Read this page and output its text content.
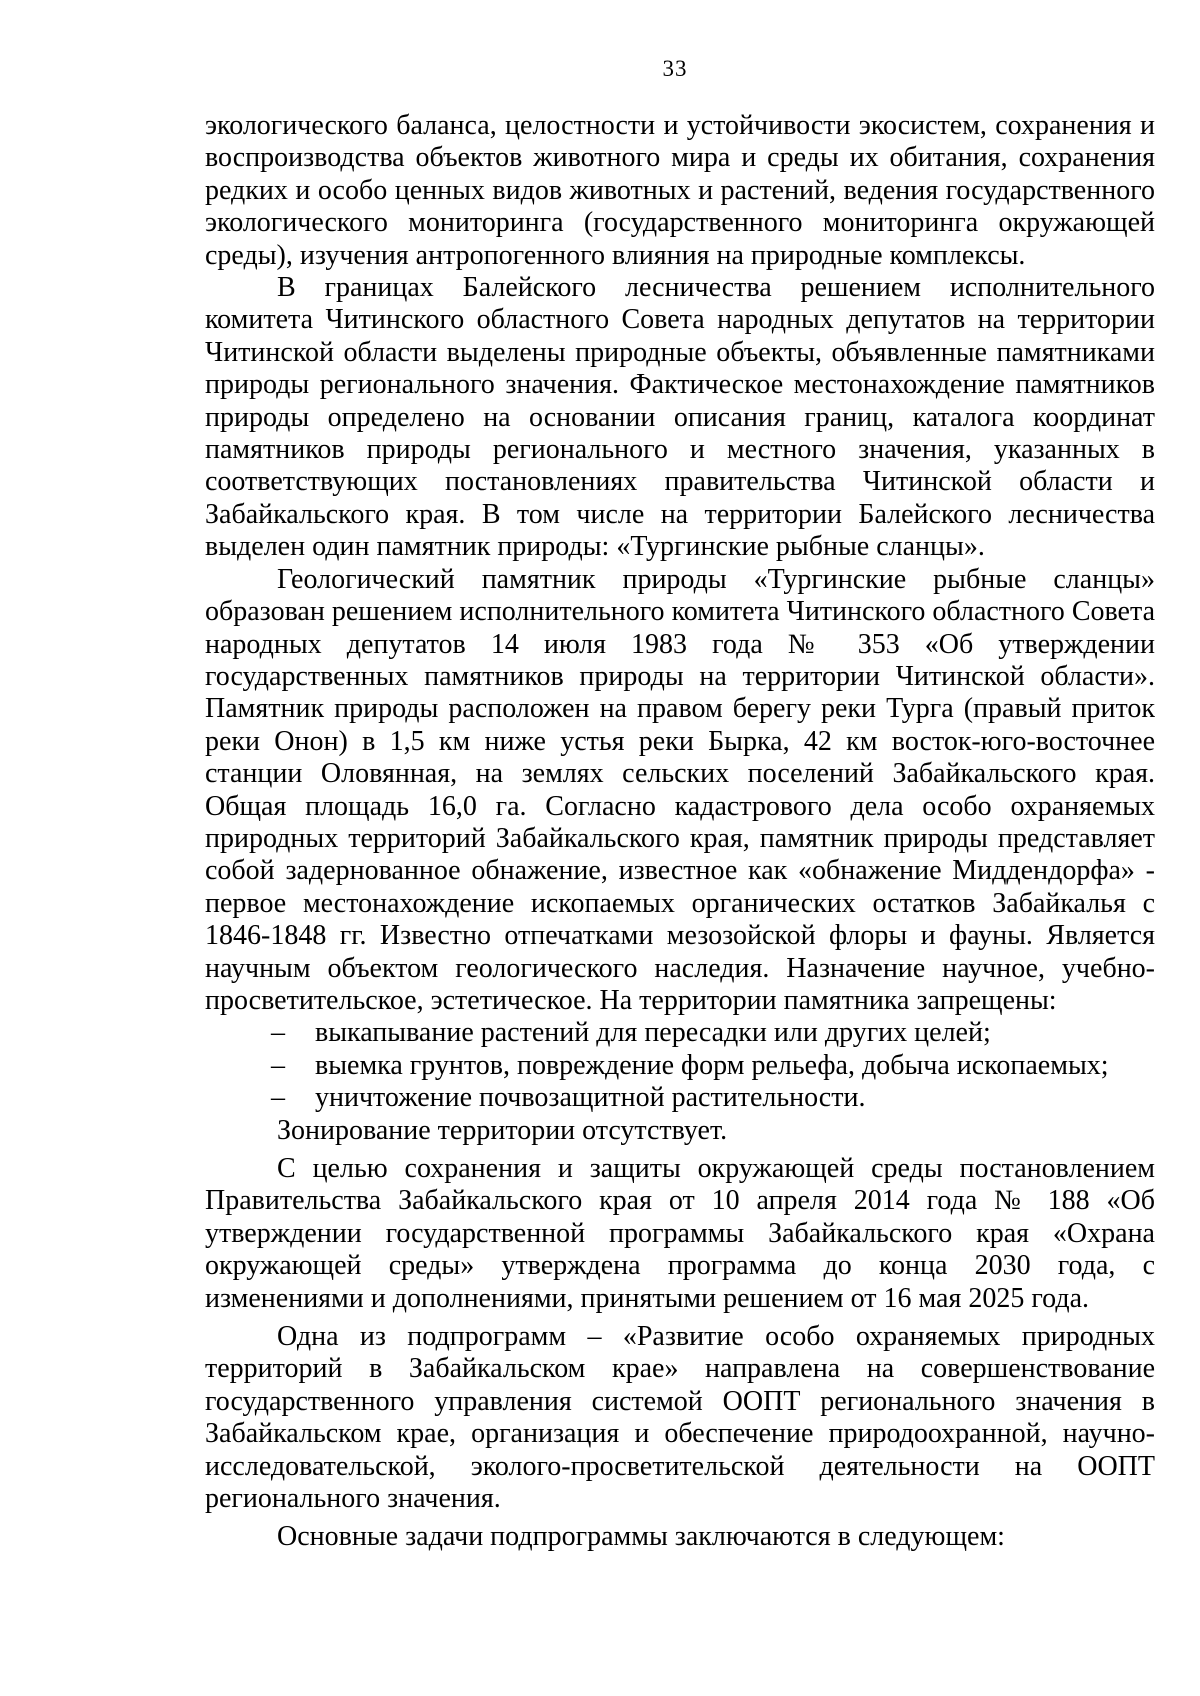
33

экологического баланса, целостности и устойчивости экосистем, сохранения и воспроизводства объектов животного мира и среды их обитания, сохранения редких и особо ценных видов животных и растений, ведения государственного экологического мониторинга (государственного мониторинга окружающей среды), изучения антропогенного влияния на природные комплексы.

В границах Балейского лесничества решением исполнительного комитета Читинского областного Совета народных депутатов на территории Читинской области выделены природные объекты, объявленные памятниками природы регионального значения. Фактическое местонахождение памятников природы определено на основании описания границ, каталога координат памятников природы регионального и местного значения, указанных в соответствующих постановлениях правительства Читинской области и Забайкальского края. В том числе на территории Балейского лесничества выделен один памятник природы: «Тургинские рыбные сланцы».

Геологический памятник природы «Тургинские рыбные сланцы» образован решением исполнительного комитета Читинского областного Совета народных депутатов 14 июля 1983 года № 353 «Об утверждении государственных памятников природы на территории Читинской области». Памятник природы расположен на правом берегу реки Турга (правый приток реки Онон) в 1,5 км ниже устья реки Бырка, 42 км восток-юго-восточнее станции Оловянная, на землях сельских поселений Забайкальского края. Общая площадь 16,0 га. Согласно кадастрового дела особо охраняемых природных территорий Забайкальского края, памятник природы представляет собой задернованное обнажение, известное как «обнажение Миддендорфа» - первое местонахождение ископаемых органических остатков Забайкалья с 1846-1848 гг. Известно отпечатками мезозойской флоры и фауны. Является научным объектом геологического наследия. Назначение научное, учебно-просветительское, эстетическое. На территории памятника запрещены:

– выкапывание растений для пересадки или других целей;
– выемка грунтов, повреждение форм рельефа, добыча ископаемых;
– уничтожение почвозащитной растительности.

Зонирование территории отсутствует.

С целью сохранения и защиты окружающей среды постановлением Правительства Забайкальского края от 10 апреля 2014 года № 188 «Об утверждении государственной программы Забайкальского края «Охрана окружающей среды» утверждена программа до конца 2030 года, с изменениями и дополнениями, принятыми решением от 16 мая 2025 года.

Одна из подпрограмм – «Развитие особо охраняемых природных территорий в Забайкальском крае» направлена на совершенствование государственного управления системой ООПТ регионального значения в Забайкальском крае, организация и обеспечение природоохранной, научно-исследовательской, эколого-просветительской деятельности на ООПТ регионального значения.

Основные задачи подпрограммы заключаются в следующем:
